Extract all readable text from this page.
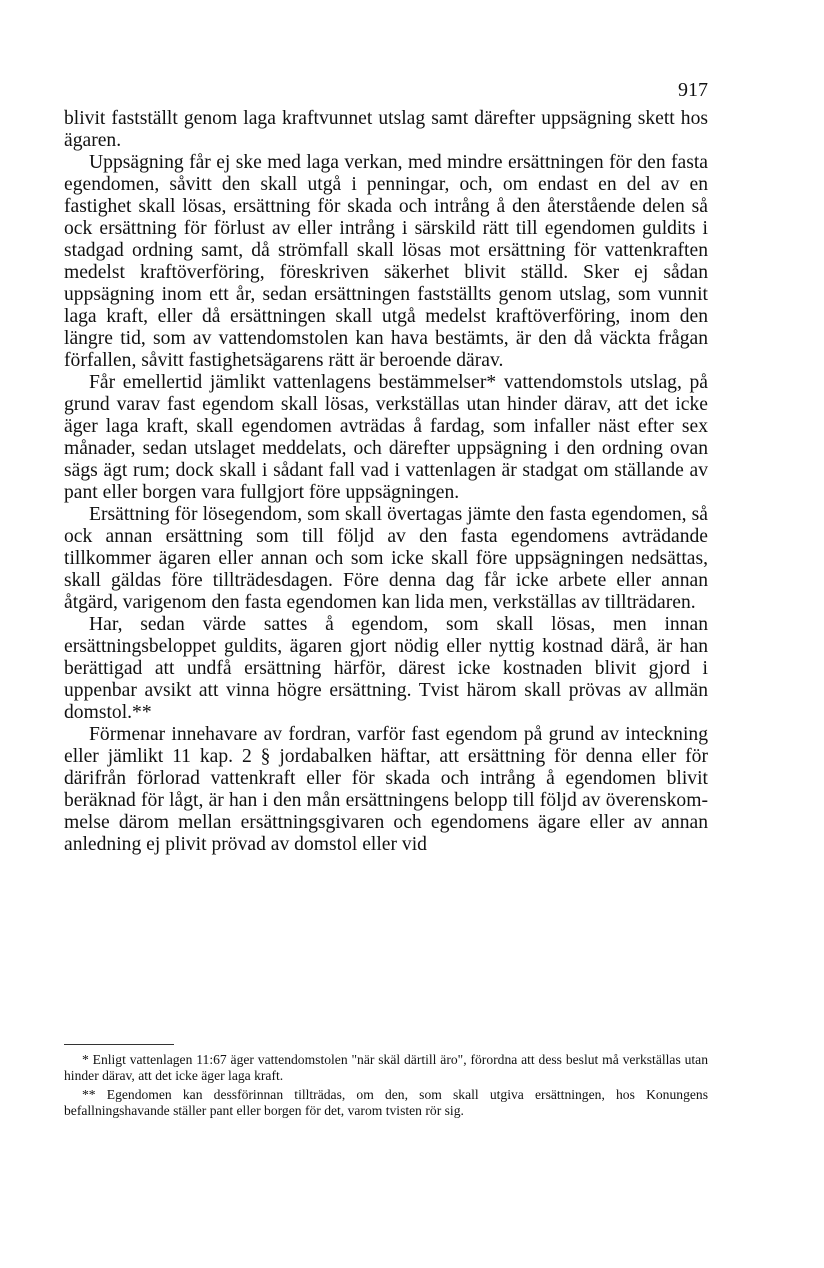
917

blivit fastställt genom laga kraftvunnet utslag samt därefter uppsägning skett hos ägaren.

Uppsägning får ej ske med laga verkan, med mindre ersättningen för den fasta egendomen, såvitt den skall utgå i penningar, och, om endast en del av en fastighet skall lösas, ersättning för skada och intrång å den återstående delen så ock ersättning för förlust av eller intrång i särskild rätt till egendomen guldits i stadgad ordning samt, då strömfall skall lösas mot ersättning för vattenkraften medelst kraftöverföring, föreskriven säkerhet blivit ställd. Sker ej sådan uppsägning inom ett år, sedan ersättningen fastställts genom utslag, som vunnit laga kraft, eller då ersättningen skall utgå medelst kraftöverföring, inom den längre tid, som av vattendomstolen kan hava bestämts, är den då väckta frågan förfallen, såvitt fastighetsägarens rätt är beroende därav.

Får emellertid jämlikt vattenlagens bestämmelser* vattendomstols utslag, på grund varav fast egendom skall lösas, verkställas utan hinder därav, att det icke äger laga kraft, skall egendomen avträdas å fardag, som infaller näst efter sex månader, sedan utslaget meddelats, och därefter uppsägning i den ordning ovan sägs ägt rum; dock skall i sådant fall vad i vattenlagen är stadgat om ställande av pant eller borgen vara fullgjort före uppsägningen.

Ersättning för lösegendom, som skall övertagas jämte den fasta egendomen, så ock annan ersättning som till följd av den fasta egendomens avträdande tillkommer ägaren eller annan och som icke skall före uppsägningen nedsättas, skall gäldas före tillträdesdagen. Före denna dag får icke arbete eller annan åtgärd, varigenom den fasta egendomen kan lida men, verkställas av tillträdaren.

Har, sedan värde sattes å egendom, som skall lösas, men innan ersättningsbeloppet guldits, ägaren gjort nödig eller nyttig kostnad därå, är han berättigad att undfå ersättning härför, därest icke kostnaden blivit gjord i uppenbar avsikt att vinna högre ersättning. Tvist härom skall prövas av allmän domstol.**

Förmenar innehavare av fordran, varför fast egendom på grund av inteckning eller jämlikt 11 kap. 2 § jordabalken häftar, att ersättning för denna eller för därifrån förlorad vattenkraft eller för skada och intrång å egendomen blivit beräknad för lågt, är han i den mån ersättningens belopp till följd av överenskommelse därom mellan ersättningsgivaren och egendomens ägare eller av annan anledning ej plivit prövad av domstol eller vid

* Enligt vattenlagen 11:67 äger vattendomstolen "när skäl därtill äro", förordna att dess beslut må verkställas utan hinder därav, att det icke äger laga kraft.

** Egendomen kan dessförinnan tillträdas, om den, som skall utgiva ersättningen, hos Konungens befallningshavande ställer pant eller borgen för det, varom tvisten rör sig.
